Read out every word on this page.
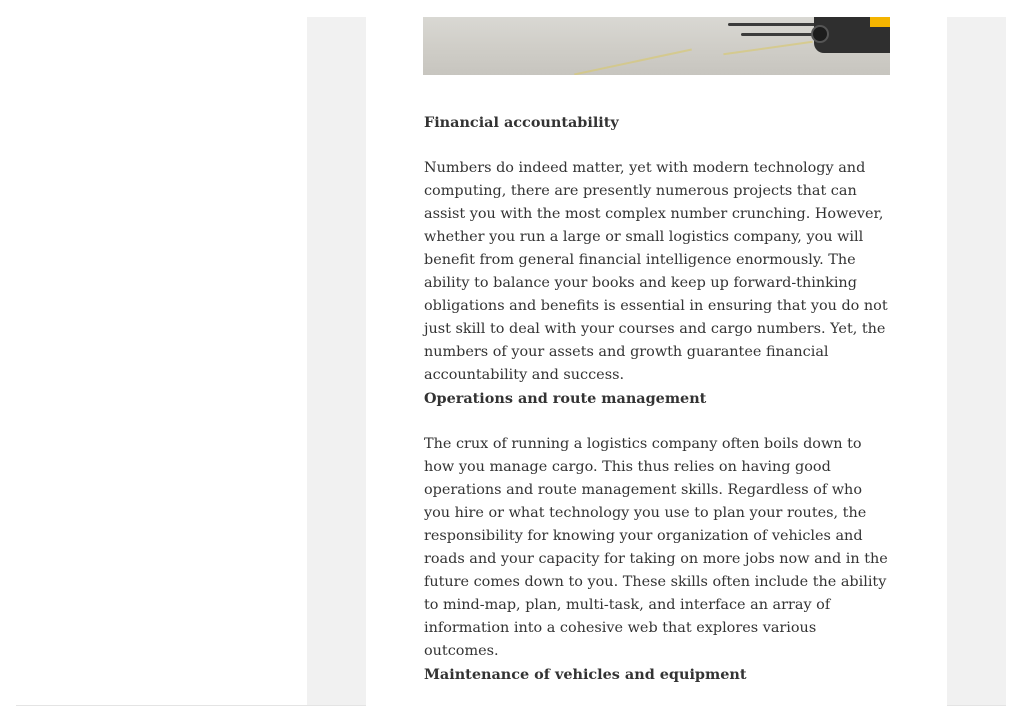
Financial accountability

Numbers do indeed matter, yet with modern technology and computing, there are presently numerous projects that can assist you with the most complex number crunching. However, whether you run a large or small logistics company, you will benefit from general financial intelligence enormously. The ability to balance your books and keep up forward-thinking obligations and benefits is essential in ensuring that you do not just skill to deal with your courses and cargo numbers. Yet, the numbers of your assets and growth guarantee financial accountability and success.

Operations and route management

The crux of running a logistics company often boils down to how you manage cargo. This thus relies on having good operations and route management skills. Regardless of who you hire or what technology you use to plan your routes, the responsibility for knowing your organization of vehicles and roads and your capacity for taking on more jobs now and in the future comes down to you. These skills often include the ability to mind-map, plan, multi-task, and interface an array of information into a cohesive web that explores various outcomes.

Maintenance of vehicles and equipment
